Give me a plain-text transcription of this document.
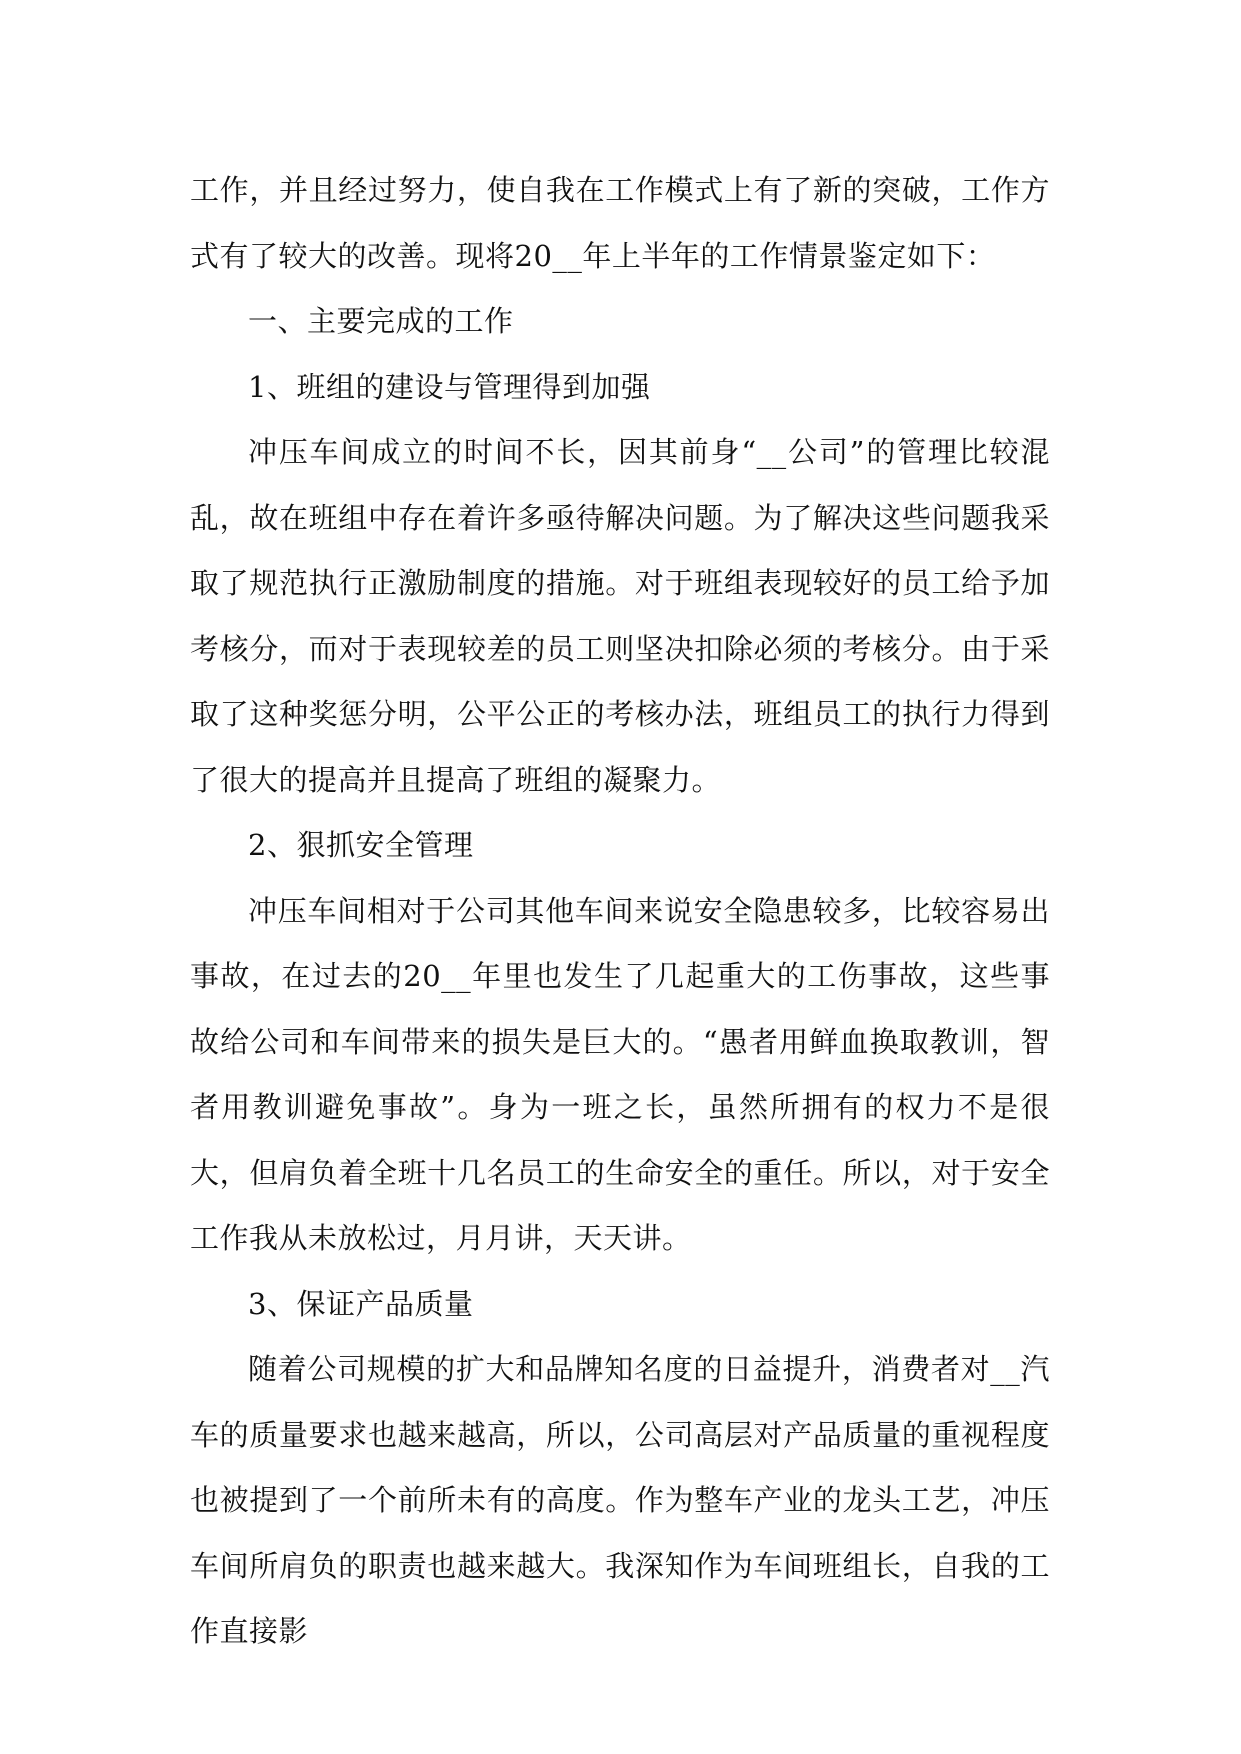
工作，并且经过努力，使自我在工作模式上有了新的突破，工作方式有了较大的改善。现将20__年上半年的工作情景鉴定如下：

一、主要完成的工作

1、班组的建设与管理得到加强

冲压车间成立的时间不长，因其前身“__公司”的管理比较混乱，故在班组中存在着许多亟待解决问题。为了解决这些问题我采取了规范执行正激励制度的措施。对于班组表现较好的员工给予加考核分，而对于表现较差的员工则坚决扣除必须的考核分。由于采取了这种奖惩分明，公平公正的考核办法，班组员工的执行力得到了很大的提高并且提高了班组的凝聚力。

2、狠抓安全管理

冲压车间相对于公司其他车间来说安全隐患较多，比较容易出事故，在过去的20__年里也发生了几起重大的工伤事故，这些事故给公司和车间带来的损失是巨大的。“愚者用鲜血换取教训，智者用教训避免事故”。身为一班之长，虽然所拥有的权力不是很大，但肩负着全班十几名员工的生命安全的重任。所以，对于安全工作我从未放松过，月月讲，天天讲。

3、保证产品质量

随着公司规模的扩大和品牌知名度的日益提升，消费者对__汽车的质量要求也越来越高，所以，公司高层对产品质量的重视程度也被提到了一个前所未有的高度。作为整车产业的龙头工艺，冲压车间所肩负的职责也越来越大。我深知作为车间班组长，自我的工作直接影
